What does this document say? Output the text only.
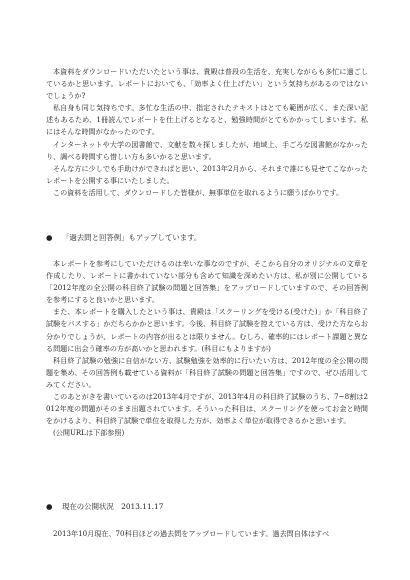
本資料をダウンロードいただいたという事は、貴殿は普段の生活を、充実しながらも多忙に過ごしているかと思います。レポートにおいても、「効率よく仕上げたい」という気持ちがあるのではないでしょうか?

私自身も同じ気持ちです。多忙な生活の中、指定されたテキストはとても範囲が広く、また深い記述もあるため、1冊読んでレポートを仕上げるとなると、勉強時間がとてもかかってしまいます。私にはそんな時間がなかったのです。

インターネットや大学の図書館で、文献を数々探しましたが、地域上、手ごろな図書館がなかったり、調べる時間すら惜しい方も多いかると思います。

そんな方に少しでも手助けができればと思い、2013年2月から、それまで誰にも見せてこなかったレポートを公開する事にいたしました。

この資料を活用して、ダウンロードした皆様が、無事単位を取れるように願うばかりです。

● 「過去問と回答例」もアップしています。

本レポートを参考にしていただけるのは幸いな事なのですが、そこから自分のオリジナルの文章を作成したり、レポートに書かれていない部分も含めて知識を深めたい方は、私が別に公開している「2012年度の全公開の科目終了試験の問題と回答集」をアップロードしていますので、その回答例を参考にすると良いかと思います。

また、本レポートを購入したという事は、貴殿は「スクーリングを受ける(受けた)」か「科目終了試験をパスする」かだちらかかと思います。今後、科目終了試験を控えている方は、受けた方ならお分かりでしょうが、レポートの内容が出るとは限りません。むしろ、確率的にはレポート課題と異なる問題に出会う確率の方が高いかと思われます。(科目にもよりますが)

科目終了試験の勉強に自信がない方、試験勉強を効率的に行いたい方は、2012年度の全公開の問題を集め、その回答例も載せている資料が「科目終了試験の問題と回答集」ですので、ぜひ活用してみてください。

このあとがきを書いているのは2013年4月ですが、2013年4月の科目終了試験のうち、7~8割は2012年度の問題がそのまま出題されています。そういった科目は、スクーリングを使ってお金と時間をかけるより、科目終了試験で単位を取得した方が、効率よく単位が取得できるかと思います。

(公開URLは下部参照)

● 現在の公開状況　2013.11.17

2013年10月現在、70科目ほどの過去問をアップロードしています。過去問自体はすべ
